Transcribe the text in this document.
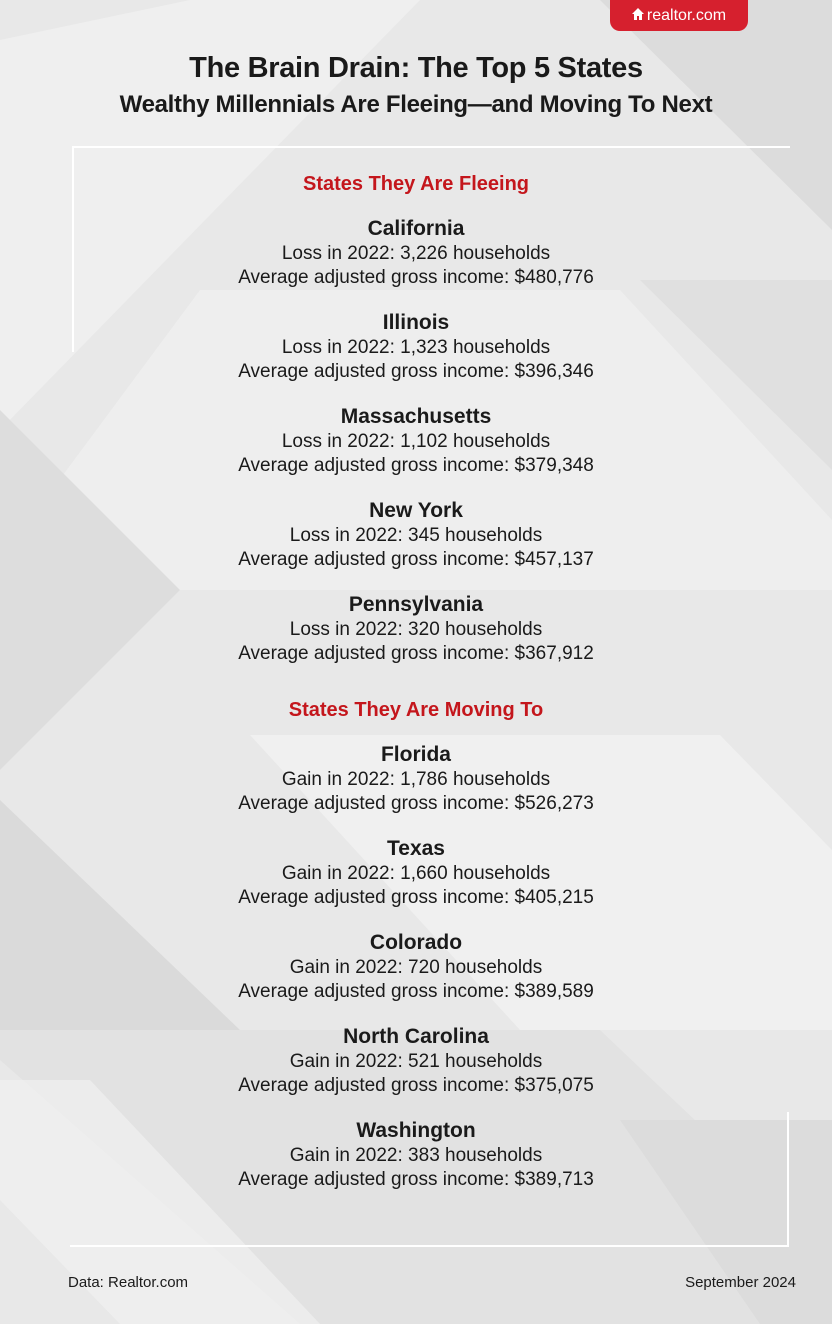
realtor.com
The Brain Drain: The Top 5 States
Wealthy Millennials Are Fleeing—and Moving To Next
States They Are Fleeing
California
Loss in 2022: 3,226 households
Average adjusted gross income: $480,776
Illinois
Loss in 2022: 1,323 households
Average adjusted gross income: $396,346
Massachusetts
Loss in 2022: 1,102 households
Average adjusted gross income: $379,348
New York
Loss in 2022: 345 households
Average adjusted gross income: $457,137
Pennsylvania
Loss in 2022: 320 households
Average adjusted gross income: $367,912
States They Are Moving To
Florida
Gain in 2022: 1,786 households
Average adjusted gross income: $526,273
Texas
Gain in 2022: 1,660 households
Average adjusted gross income: $405,215
Colorado
Gain in 2022: 720 households
Average adjusted gross income: $389,589
North Carolina
Gain in 2022: 521 households
Average adjusted gross income: $375,075
Washington
Gain in 2022: 383 households
Average adjusted gross income: $389,713
Data: Realtor.com	September 2024
